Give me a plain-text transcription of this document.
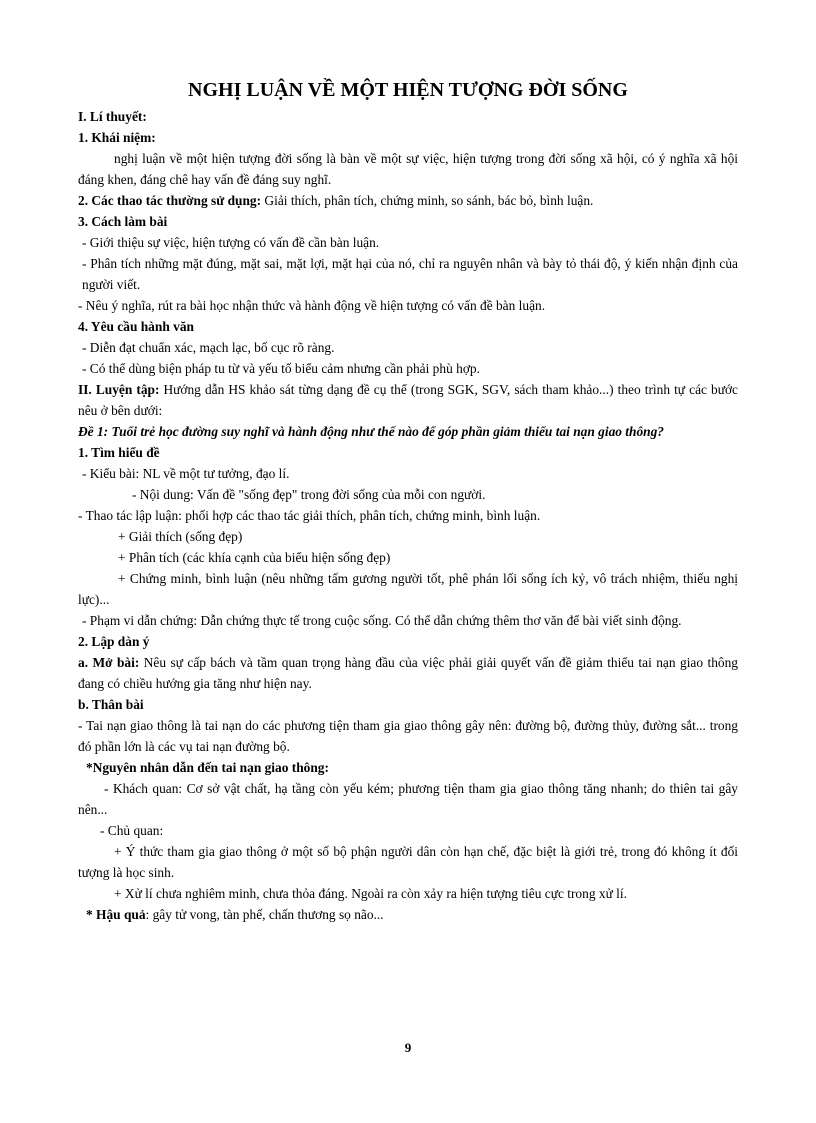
NGHỊ LUẬN VỀ MỘT HIỆN TƯỢNG ĐỜI SỐNG

I. Lí thuyết:

1. Khái niệm:

nghị luận về một hiện tượng đời sống là bàn về một sự việc, hiện tượng trong đời sống xã hội, có ý nghĩa xã hội đáng khen, đáng chê hay vấn đề đáng suy nghĩ.

2. Các thao tác thường sử dụng: Giải thích, phân tích, chứng minh, so sánh, bác bỏ, bình luận.

3. Cách làm bài

- Giới thiệu sự việc, hiện tượng có vấn đề cần bàn luận.

- Phân tích những mặt đúng, mặt sai, mặt lợi, mặt hại của nó, chỉ ra nguyên nhân và bày tỏ thái độ, ý kiến nhận định của người viết.

- Nêu ý nghĩa, rút ra bài học nhận thức và hành động về hiện tượng có vấn đề bàn luận.

4. Yêu cầu hành văn

- Diễn đạt chuẩn xác, mạch lạc, bố cục rõ ràng.

- Có thể dùng biện pháp tu từ và yếu tố biểu cảm nhưng cần phải phù hợp.

II. Luyện tập: Hướng dẫn HS khảo sát từng dạng đề cụ thể (trong SGK, SGV, sách tham khảo...) theo trình tự các bước nêu ở bên dưới:

Đề 1: Tuổi trẻ học đường suy nghĩ và hành động như thế nào để góp phần giảm thiểu tai nạn giao thông?

1. Tìm hiểu đề

- Kiểu bài: NL về một tư tưởng, đạo lí.

- Nội dung: Vấn đề "sống đẹp" trong đời sống của mỗi con người.

- Thao tác lập luận: phối hợp các thao tác giải thích, phân tích, chứng minh, bình luận.

+ Giải thích (sống đẹp)

+ Phân tích (các khía cạnh của biểu hiện sống đẹp)

+ Chứng minh, bình luận (nêu những tấm gương người tốt, phê phán lối sống ích kỷ, vô trách nhiệm, thiếu nghị lực)...

- Phạm vi dẫn chứng: Dẫn chứng thực tế trong cuộc sống. Có thể dẫn chứng thêm thơ văn để bài viết sinh động.

2. Lập dàn ý

a. Mở bài: Nêu sự cấp bách và tầm quan trọng hàng đầu của việc phải giải quyết vấn đề giảm thiểu tai nạn giao thông đang có chiều hướng gia tăng như hiện nay.

b. Thân bài

- Tai nạn giao thông là tai nạn do các phương tiện tham gia giao thông gây nên: đường bộ, đường thủy, đường sắt... trong đó phần lớn là các vụ tai nạn đường bộ.

*Nguyên nhân dẫn đến tai nạn giao thông:

- Khách quan: Cơ sở vật chất, hạ tầng còn yếu kém; phương tiện tham gia giao thông tăng nhanh; do thiên tai gây nên...

- Chủ quan:

+ Ý thức tham gia giao thông ở một số bộ phận người dân còn hạn chế, đặc biệt là giới trẻ, trong đó không ít đối tượng là học sinh.

+ Xử lí chưa nghiêm minh, chưa thỏa đáng. Ngoài ra còn xảy ra hiện tượng tiêu cực trong xử lí.

* Hậu quả: gây tử vong, tàn phế, chấn thương sọ não...

9
